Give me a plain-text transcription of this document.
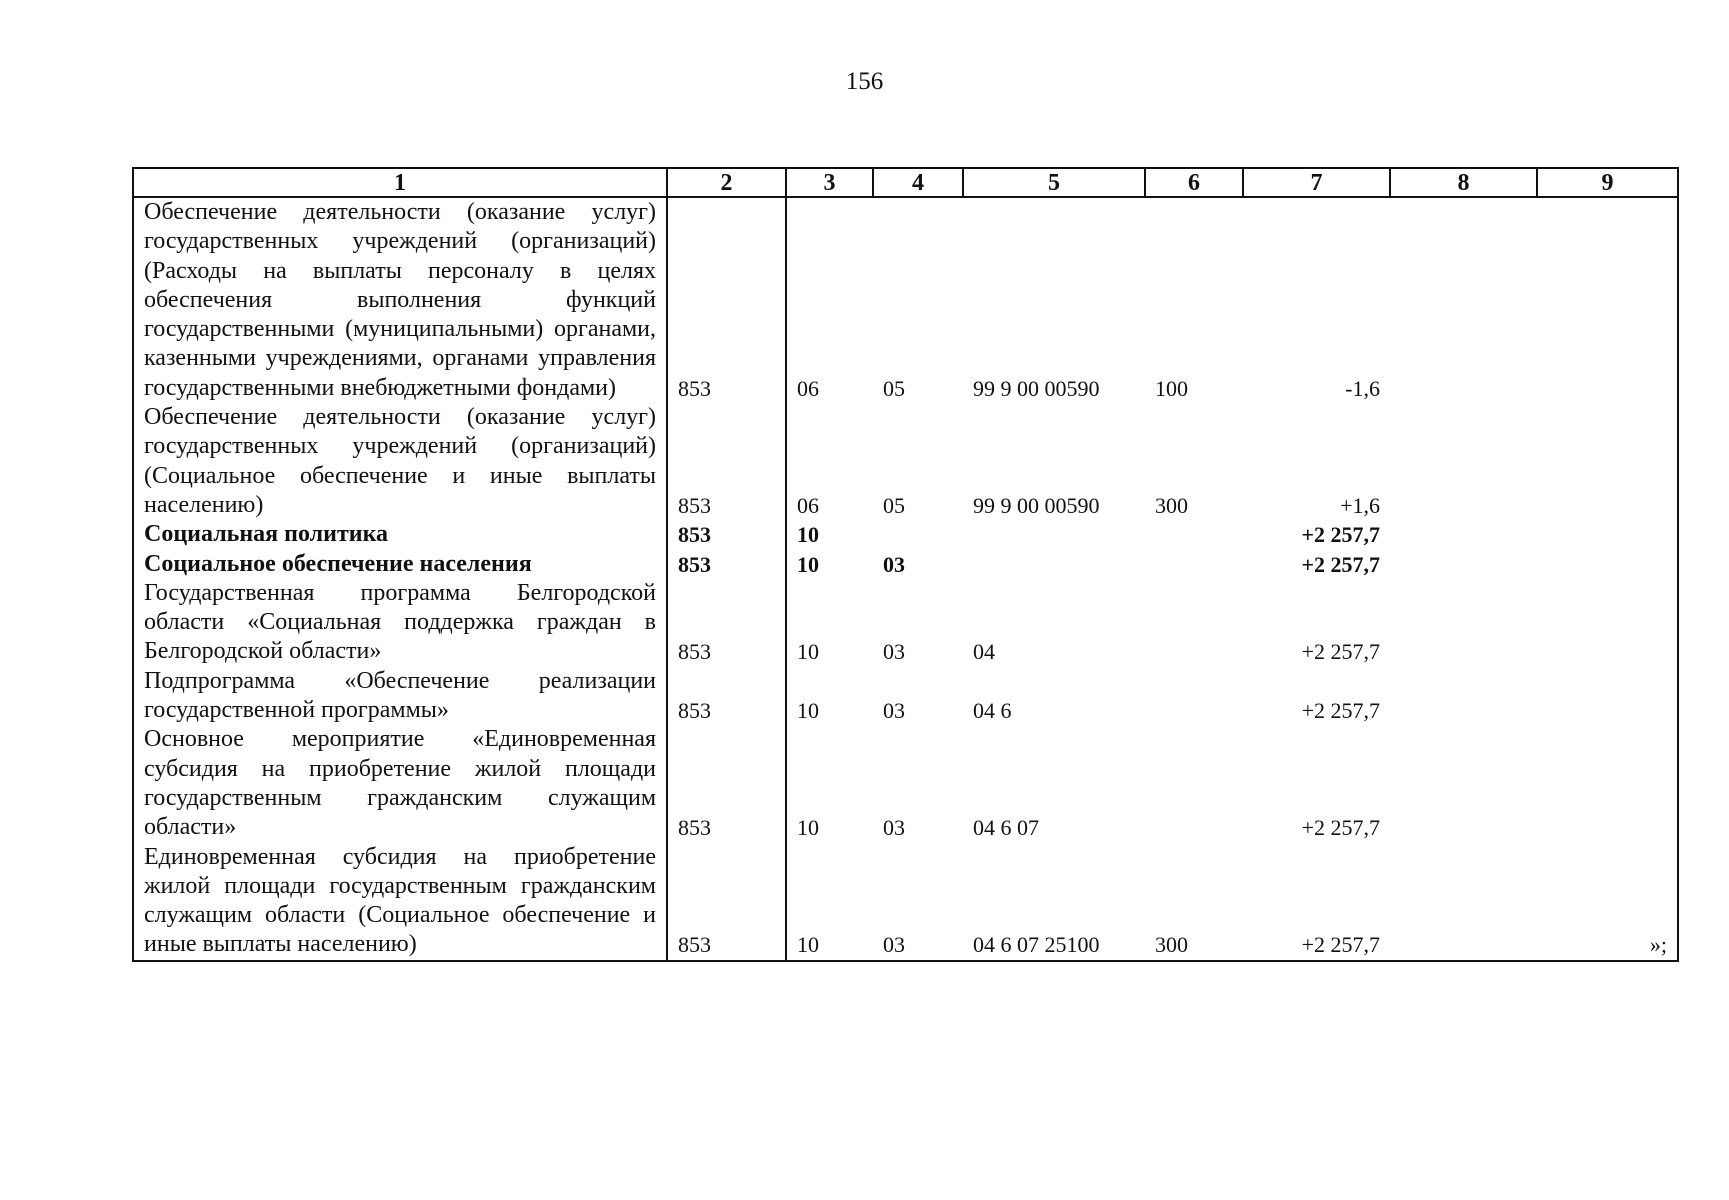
156
1	2	3	4	5	6	7	8	9
Обеспечение деятельности (оказание услуг) государственных учреждений (организаций) (Расходы на выплаты персоналу в целях обеспечения выполнения функций государственными (муниципальными) органами, казенными учреждениями, органами управления государственными внебюджетными фондами)	853	06	05	99 9 00 00590	100	-1,6		
Обеспечение деятельности (оказание услуг) государственных учреждений (организаций) (Социальное обеспечение и иные выплаты населению)	853	06	05	99 9 00 00590	300	+1,6		
Социальная политика	853	10				+2 257,7		
Социальное обеспечение населения	853	10	03			+2 257,7		
Государственная программа Белгородской области «Социальная поддержка граждан в Белгородской области»	853	10	03	04		+2 257,7		
Подпрограмма «Обеспечение реализации государственной программы»	853	10	03	04 6		+2 257,7		
Основное мероприятие «Единовременная субсидия на приобретение жилой площади государственным гражданским служащим области»	853	10	03	04 6 07		+2 257,7		
Единовременная субсидия на приобретение жилой площади государственным гражданским служащим области (Социальное обеспечение и иные выплаты населению)	853	10	03	04 6 07 25100	300	+2 257,7		»;
